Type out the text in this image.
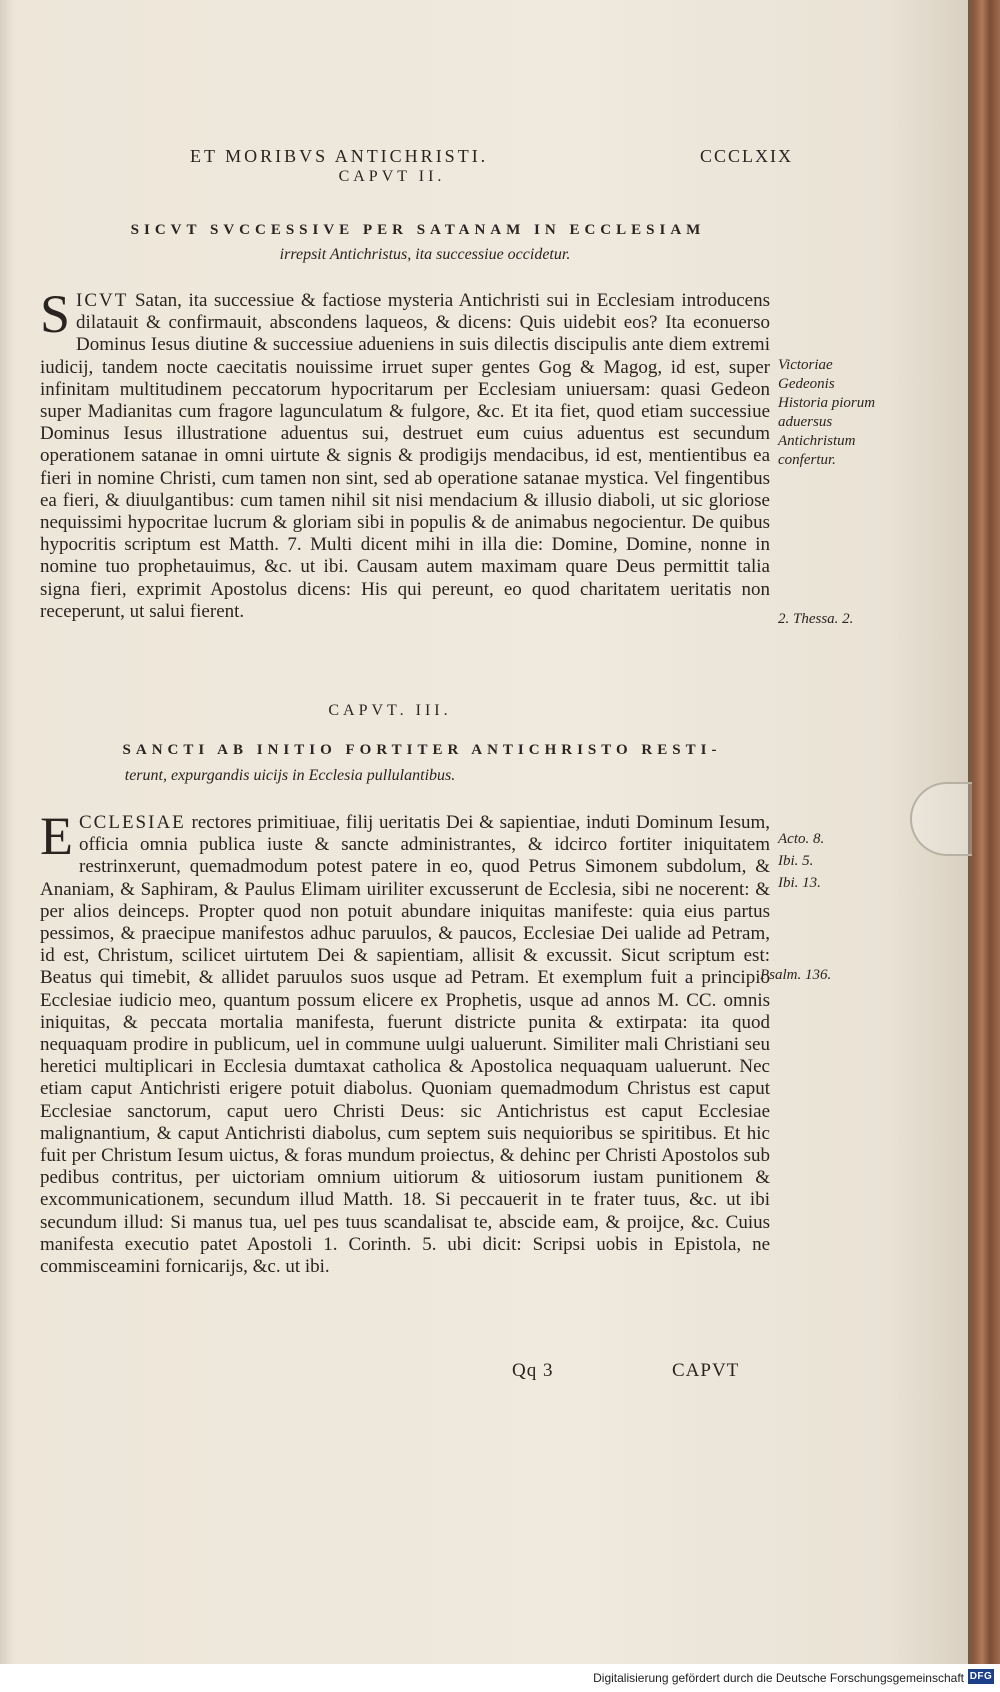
ET MORIBVS ANTICHRISTI.	CCCLXIX
CAPVT II.
SICVT SVCCESSIVE PER SATANAM IN ECCLESIAM
irrepsit Antichristus, ita successiue occidetur.

S ICVT Satan, ita successiue & factiose mysteria Antichristi sui in Ecclesiam introducens dilatauit & confirmauit, abscondens laqueos, & dicens: Quis uidebit eos? Ita econuerso Dominus Iesus diutine & successiue adueniens in suis dilectis discipulis ante diem extremi iudicij, tandem nocte caecitatis nouissime irruet super gentes Gog & Magog, id est, super infinitam multitudinem peccatorum hypocritarum per Ecclesiam uniuersam: quasi Gedeon super Madianitas cum fragore lagunculatum & fulgore, &c. Et ita fiet, quod etiam successiue Dominus Iesus illustratione aduentus sui, destruet eum cuius aduentus est secundum operationem satanae in omni uirtute & signis & prodigijs mendacibus, id est, mentientibus ea fieri in nomine Christi, cum tamen non sint, sed ab operatione satanae mystica. Vel fingentibus ea fieri, & diuulgantibus: cum tamen nihil sit nisi mendacium & illusio diaboli, ut sic gloriose nequissimi hypocritae lucrum & gloriam sibi in populis & de animabus negocientur. De quibus hypocritis scriptum est Matth. 7. Multi dicent mihi in illa die: Domine, Domine, nonne in nomine tuo prophetauimus, &c. ut ibi. Causam autem maximam quare Deus permittit talia signa fieri, exprimit Apostolus dicens: His qui pereunt, eo quod charitatem ueritatis non receperunt, ut salui fierent.

Victoriae Gedeonis Historia piorum aduersus Antichristum confertur.
2. Thessa. 2.
CAPVT. III.
SANCTI AB INITIO FORTITER ANTICHRISTO RESTI-
terunt, expurgandis uicijs in Ecclesia pullulantibus.

E CCLESIAE rectores primitiuae, filij ueritatis Dei & sapientiae, induti Dominum Iesum, officia omnia publica iuste & sancte administrantes, & idcirco fortiter iniquitatem restrinxerunt, quemadmodum potest patere in eo, quod Petrus Simonem subdolum, & Ananiam, & Saphiram, & Paulus Elimam uiriliter excusserunt de Ecclesia, sibi ne nocerent: & per alios deinceps. Propter quod non potuit abundare iniquitas manifeste: quia eius partus pessimos, & praecipue manifestos adhuc paruulos, & paucos, Ecclesiae Dei ualide ad Petram, id est, Christum, scilicet uirtutem Dei & sapientiam, allisit & excussit. Sicut scriptum est: Beatus qui timebit, & allidet paruulos suos usque ad Petram. Et exemplum fuit a principio Ecclesiae iudicio meo, quantum possum elicere ex Prophetis, usque ad annos M. CC. omnis iniquitas, & peccata mortalia manifesta, fuerunt districte punita & extirpata: ita quod nequaquam prodire in publicum, uel in commune uulgi ualuerunt. Similiter mali Christiani seu heretici multiplicari in Ecclesia dumtaxat catholica & Apostolica nequaquam ualuerunt. Nec etiam caput Antichristi erigere potuit diabolus. Quoniam quemadmodum Christus est caput Ecclesiae sanctorum, caput uero Christi Deus: sic Antichristus est caput Ecclesiae malignantium, & caput Antichristi diabolus, cum septem suis nequioribus se spiritibus. Et hic fuit per Christum Iesum uictus, & foras mundum proiectus, & dehinc per Christi Apostolos sub pedibus contritus, per uictoriam omnium uitiorum & uitiosorum iustam punitionem & excommunicationem, secundum illud Matth. 18. Si peccauerit in te frater tuus, &c. ut ibi secundum illud: Si manus tua, uel pes tuus scandalisat te, abscide eam, & proijce, &c. Cuius manifesta executio patet Apostoli 1. Corinth. 5. ubi dicit: Scripsi uobis in Epistola, ne commisceamini fornicarijs, &c. ut ibi.

Acto. 8.
Ibi. 5.
Ibi. 13.
Psalm. 136.
Qq 3	CAPVT
Digitalisierung gefördert durch die Deutsche Forschungsgemeinschaft DFG
